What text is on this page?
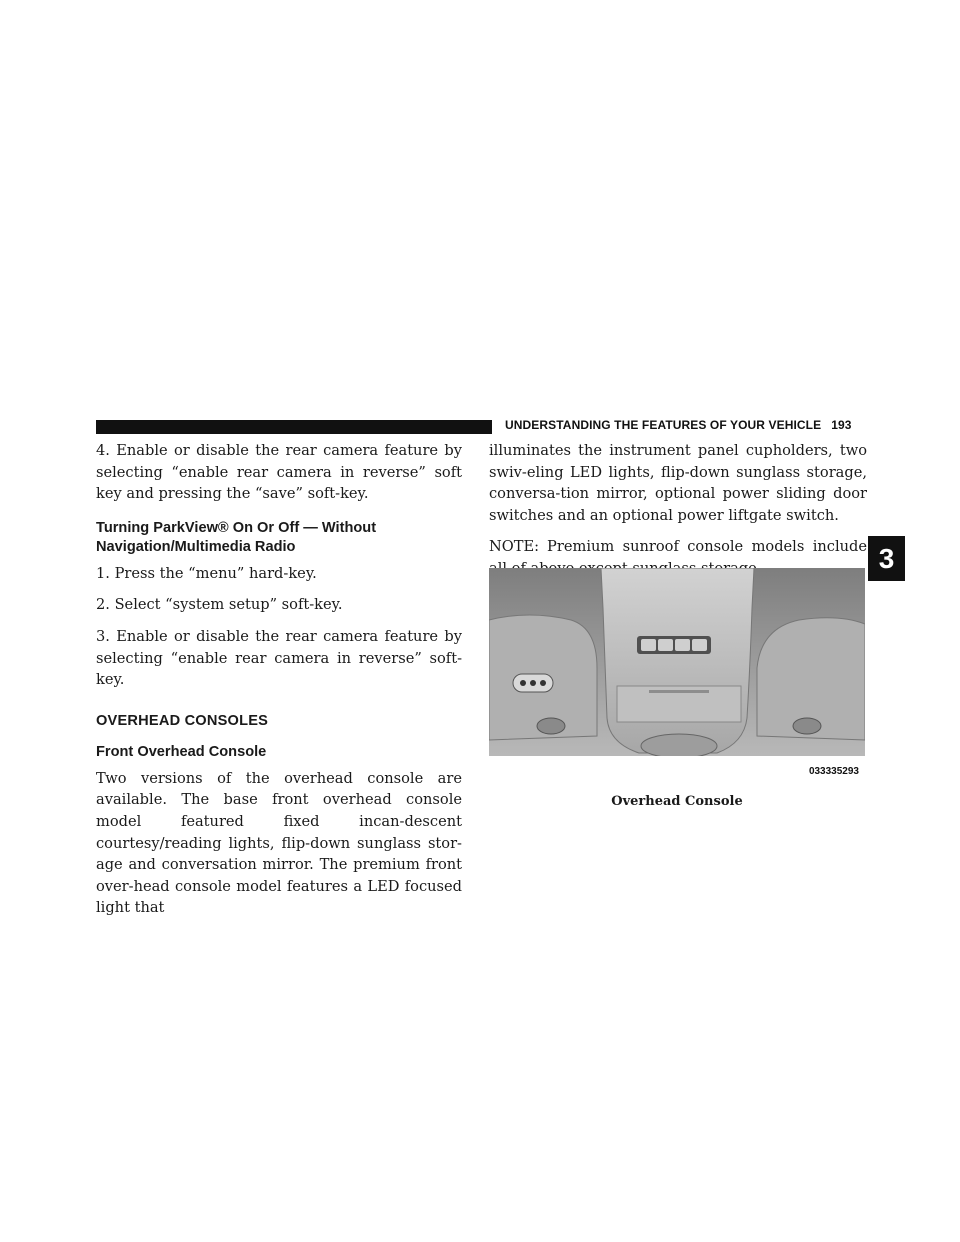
UNDERSTANDING THE FEATURES OF YOUR VEHICLE 193
3

4. Enable or disable the rear camera feature by selecting “enable rear camera in reverse” soft key and pressing the “save” soft-key.

Turning ParkView® On Or Off — Without Navigation/Multimedia Radio

1. Press the “menu” hard-key.

2. Select “system setup” soft-key.

3. Enable or disable the rear camera feature by selecting “enable rear camera in reverse” soft-key.

OVERHEAD CONSOLES
Front Overhead Console

Two versions of the overhead console are available. The base front overhead console model featured fixed incan-descent courtesy/reading lights, flip-down sunglass stor-age and conversation mirror. The premium front over-head console model features a LED focused light that

illuminates the instrument panel cupholders, two swiv-eling LED lights, flip-down sunglass storage, conversa-tion mirror, optional power sliding door switches and an optional power liftgate switch.

NOTE: Premium sunroof console models include

033335293
Overhead Console
